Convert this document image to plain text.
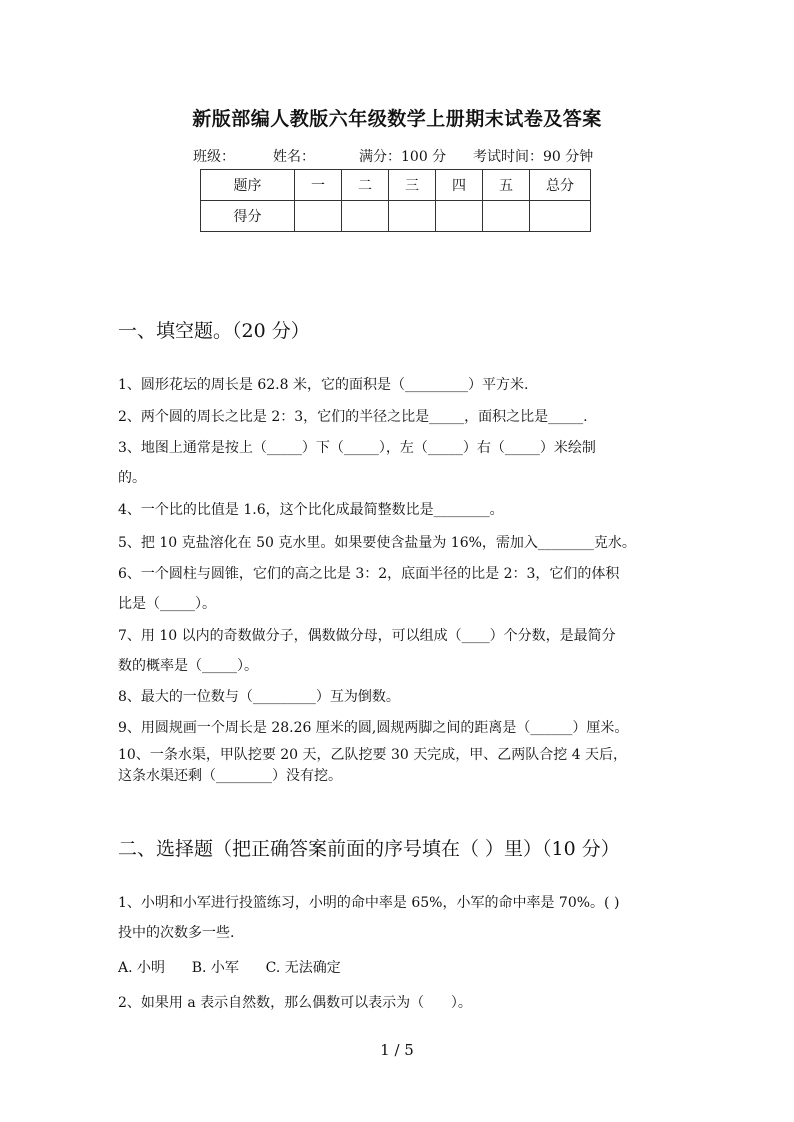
新版部编人教版六年级数学上册期末试卷及答案
班级：	姓名：	满分：100 分 考试时间：90 分钟
题序	一	二	三	四	五	总分
得分						
一、填空题。（20 分）
1、圆形花坛的周长是 62.8 米，它的面积是（_________）平方米.
2、两个圆的周长之比是 2：3，它们的半径之比是_____，面积之比是_____.
3、地图上通常是按上（_____）下（_____），左（_____）右（_____）米绘制
的。
4、一个比的比值是 1.6，这个比化成最简整数比是________。
5、把 10 克盐溶化在 50 克水里。如果要使含盐量为 16%，需加入________克水。
6、一个圆柱与圆锥，它们的高之比是 3：2，底面半径的比是 2：3，它们的体积
比是（_____）。
7、用 10 以内的奇数做分子，偶数做分母，可以组成（____）个分数，是最简分
数的概率是（_____）。
8、最大的一位数与（_________）互为倒数。
9、用圆规画一个周长是 28.26 厘米的圆,圆规两脚之间的距离是（______）厘米。
10、一条水渠，甲队挖要 20 天，乙队挖要 30 天完成，甲、乙两队合挖 4 天后，
这条水渠还剩（________）没有挖。
二、选择题（把正确答案前面的序号填在（ ）里）（10 分）
1、小明和小军进行投篮练习，小明的命中率是 65%，小军的命中率是 70%。( )
投中的次数多一些.
A. 小明      B. 小军      C. 无法确定
2、如果用 a 表示自然数，那么偶数可以表示为（      ）。
1 / 5
